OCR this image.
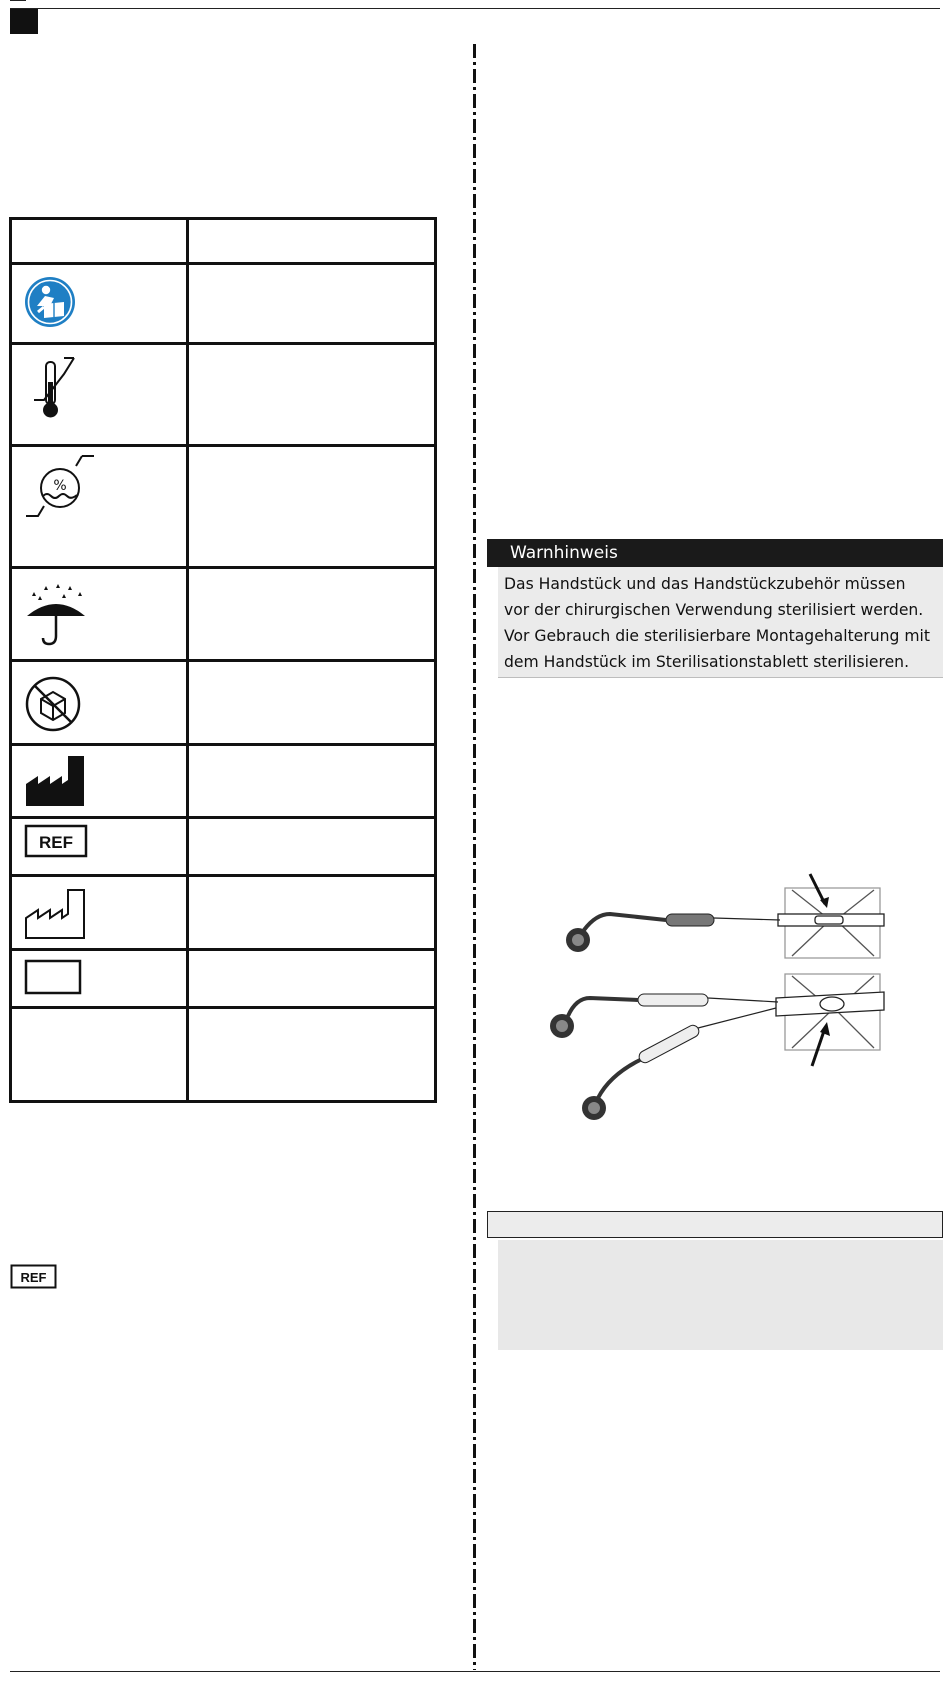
%
REF
REF
Warnhinweis
Das Handstück und das Handstückzubehör müssen
vor der chirurgischen Verwendung sterilisiert werden.
Vor Gebrauch die sterilisierbare Montagehalterung mit
dem Handstück im Sterilisationstablett sterilisieren.
